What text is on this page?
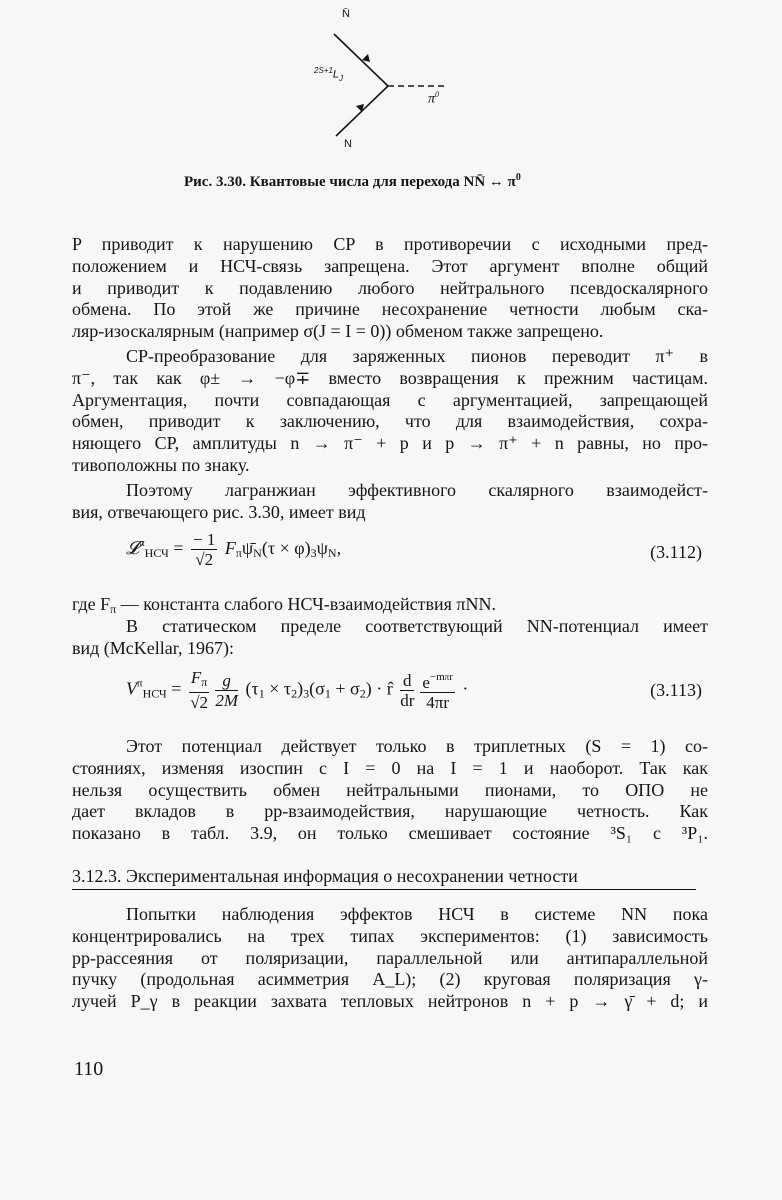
N̄
N
$^{2S+1}L_J$
$\pi^0$
Рис. 3.30. Квантовые числа для перехода NN̄ ↔ $\pi^0$
P приводит к нарушению CP в противоречии с исходными пред-
положением и НСЧ-связь запрещена. Этот аргумент вполне общий
и приводит к подавлению любого нейтрального псевдоскалярного
обмена. По этой же причине несохранение четности любым ска-
ляр-изоскалярным (например σ(J = I = 0)) обменом также запрещено.
CP-преобразование для заряженных пионов переводит π⁺ в
π⁻, так как φ± → −φ∓ вместо возвращения к прежним частицам.
Аргументация, почти совпадающая с аргументацией, запрещающей
обмен, приводит к заключению, что для взаимодействия, сохра-
няющего CP, амплитуды n → π⁻ + p и p → π⁺ + n равны, но про-
тивоположны по знаку.
Поэтому лагранжиан эффективного скалярного взаимодейст-
вия, отвечающего рис. 3.30, имеет вид
𝓛$^\pi_{НСЧ}$ = $\frac{- 1}{√2}$ $F_\pi\psī_N(\tau \times \varphi)_3\psi_N$,	(3.112)
где $F_\pi$ — константа слабого НСЧ-взаимодействия πNN.
В статическом пределе соответствующий NN-потенциал имеет
вид (McKellar, 1967):
$V^\pi_{НСЧ} = \frac{F_\pi}{√2} \frac{g}{2M} (\tau_1 \times \tau_2)_3(\sigma_1 + \sigma_2)$ · r̂ $\frac{d}{dr} \frac{e^{-m\pi r}}{4\pi r}$ ·	(3.113)
Этот потенциал действует только в триплетных (S = 1) со-
стояниях, изменяя изоспин с I = 0 на I = 1 и наоборот. Так как
нельзя осуществить обмен нейтральными пионами, то ОПО не
дает вкладов в pp-взаимодействия, нарушающие четность. Как
показано в табл. 3.9, он только смешивает состояние ³S₁ с ³P₁.
3.12.3. Экспериментальная информация о несохранении четности
Попытки наблюдения эффектов НСЧ в системе NN пока
концентрировались на трех типах экспериментов: (1) зависимость
pp-рассеяния от поляризации, параллельной или антипараллельной
пучку (продольная асимметрия A_L); (2) круговая поляризация γ-
лучей P_γ в реакции захвата тепловых нейтронов n + p → γ̄ + d; и
110
